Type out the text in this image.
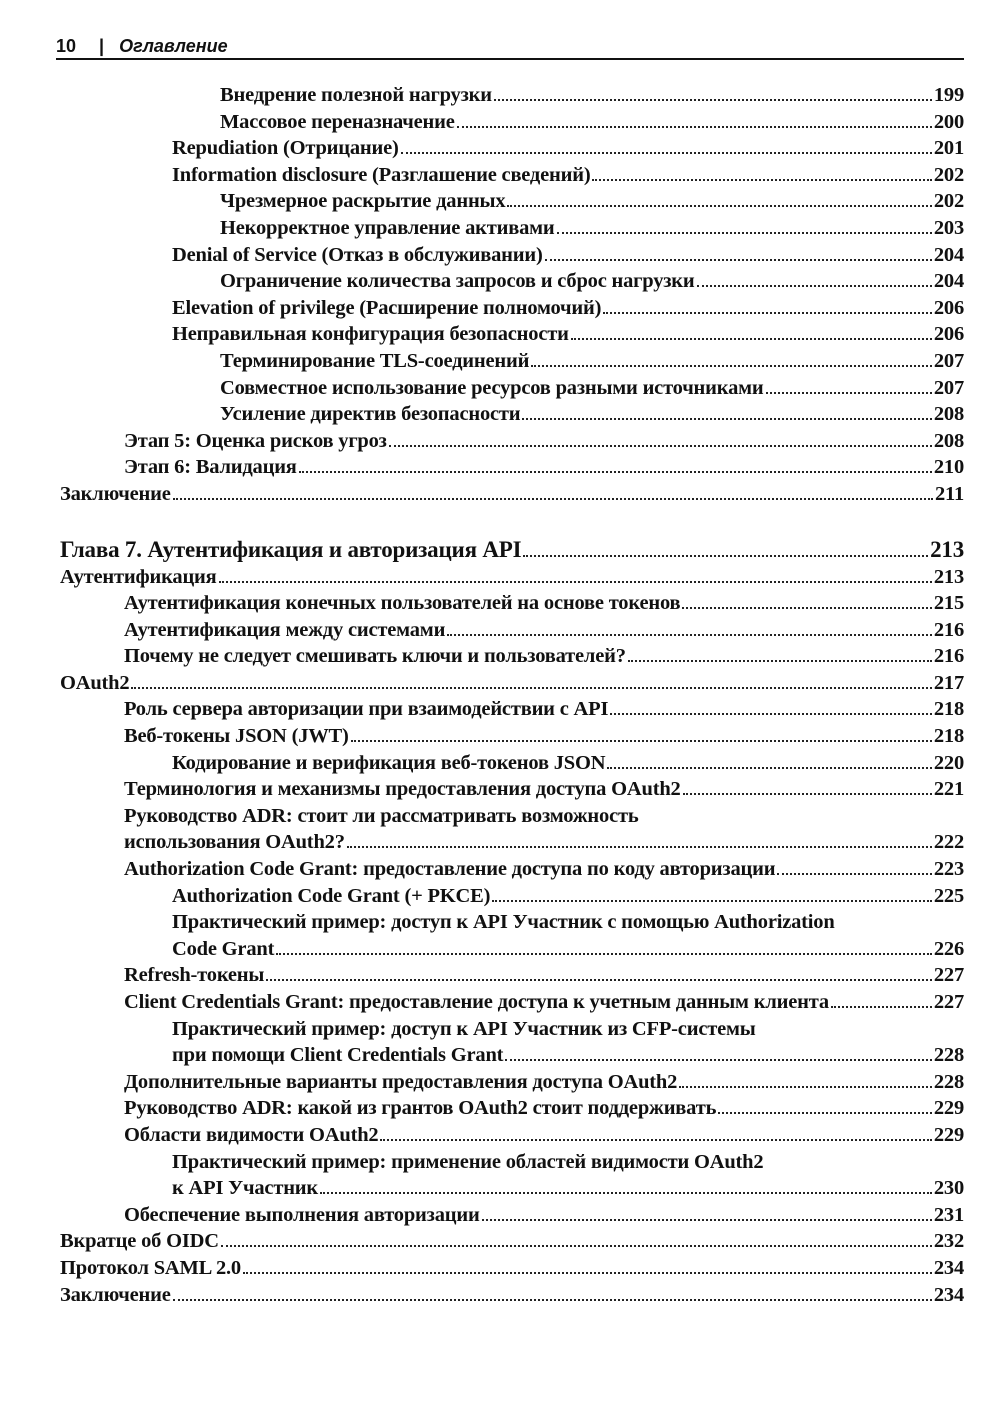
10 | Оглавление
Внедрение полезной нагрузки	199
Массовое переназначение	200
Repudiation (Отрицание)	201
Information disclosure (Разглашение сведений)	202
Чрезмерное раскрытие данных	202
Некорректное управление активами	203
Denial of Service (Отказ в обслуживании)	204
Ограничение количества запросов и сброс нагрузки	204
Elevation of privilege (Расширение полномочий)	206
Неправильная конфигурация безопасности	206
Терминирование TLS-соединений	207
Совместное использование ресурсов разными источниками	207
Усиление директив безопасности	208
Этап 5: Оценка рисков угроз	208
Этап 6: Валидация	210
Заключение	211
Глава 7. Аутентификация и авторизация API	213
Аутентификация	213
Аутентификация конечных пользователей на основе токенов	215
Аутентификация между системами	216
Почему не следует смешивать ключи и пользователей?	216
OAuth2	217
Роль сервера авторизации при взаимодействии с API	218
Веб-токены JSON (JWT)	218
Кодирование и верификация веб-токенов JSON	220
Терминология и механизмы предоставления доступа OAuth2	221
Руководство ADR: стоит ли рассматривать возможность
использования OAuth2?	222
Authorization Code Grant: предоставление доступа по коду авторизации	223
Authorization Code Grant (+ PKCE)	225
Практический пример: доступ к API Участник с помощью Authorization
Code Grant	226
Refresh-токены	227
Client Credentials Grant: предоставление доступа к учетным данным клиента	227
Практический пример: доступ к API Участник из CFP-системы
при помощи Client Credentials Grant	228
Дополнительные варианты предоставления доступа OAuth2	228
Руководство ADR: какой из грантов OAuth2 стоит поддерживать	229
Области видимости OAuth2	229
Практический пример: применение областей видимости OAuth2
к API Участник	230
Обеспечение выполнения авторизации	231
Вкратце об OIDC	232
Протокол SAML 2.0	234
Заключение	234
